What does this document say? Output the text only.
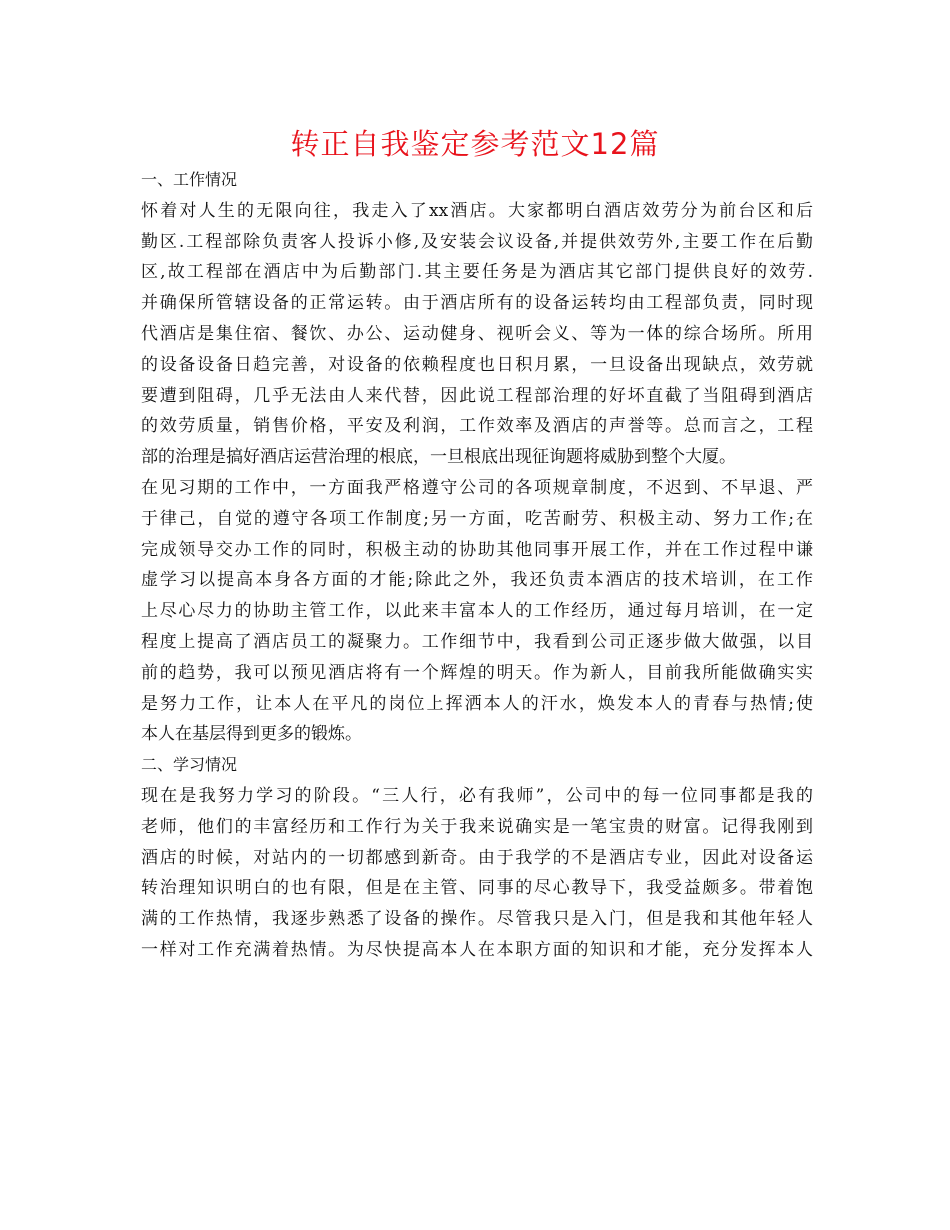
转正自我鉴定参考范文12篇
一、工作情况
怀着对人生的无限向往，我走入了xx酒店。大家都明白酒店效劳分为前台区和后
勤区.工程部除负责客人投诉小修,及安装会议设备,并提供效劳外,主要工作在后勤
区,故工程部在酒店中为后勤部门.其主要任务是为酒店其它部门提供良好的效劳.
并确保所管辖设备的正常运转。由于酒店所有的设备运转均由工程部负责，同时现
代酒店是集住宿、餐饮、办公、运动健身、视听会义、等为一体的综合场所。所用
的设备设备日趋完善，对设备的依赖程度也日积月累，一旦设备出现缺点，效劳就
要遭到阻碍，几乎无法由人来代替，因此说工程部治理的好坏直截了当阻碍到酒店
的效劳质量，销售价格，平安及利润，工作效率及酒店的声誉等。总而言之，工程
部的治理是搞好酒店运营治理的根底，一旦根底出现征询题将威胁到整个大厦。
在见习期的工作中，一方面我严格遵守公司的各项规章制度，不迟到、不早退、严
于律己，自觉的遵守各项工作制度;另一方面，吃苦耐劳、积极主动、努力工作;在
完成领导交办工作的同时，积极主动的协助其他同事开展工作，并在工作过程中谦
虚学习以提高本身各方面的才能;除此之外，我还负责本酒店的技术培训，在工作
上尽心尽力的协助主管工作，以此来丰富本人的工作经历，通过每月培训，在一定
程度上提高了酒店员工的凝聚力。工作细节中，我看到公司正逐步做大做强，以目
前的趋势，我可以预见酒店将有一个辉煌的明天。作为新人，目前我所能做确实实
是努力工作，让本人在平凡的岗位上挥洒本人的汗水，焕发本人的青春与热情;使
本人在基层得到更多的锻炼。
二、学习情况
现在是我努力学习的阶段。“三人行，必有我师”，公司中的每一位同事都是我的
老师，他们的丰富经历和工作行为关于我来说确实是一笔宝贵的财富。记得我刚到
酒店的时候，对站内的一切都感到新奇。由于我学的不是酒店专业，因此对设备运
转治理知识明白的也有限，但是在主管、同事的尽心教导下，我受益颇多。带着饱
满的工作热情，我逐步熟悉了设备的操作。尽管我只是入门，但是我和其他年轻人
一样对工作充满着热情。为尽快提高本人在本职方面的知识和才能，充分发挥本人
